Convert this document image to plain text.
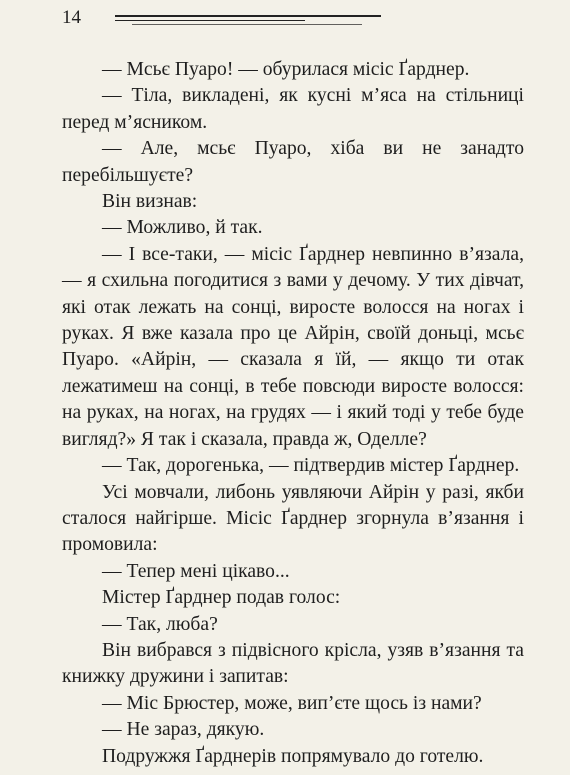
14

— Мсьє Пуаро! — обурилася місіс Ґарднер.

— Тіла, викладені, як кусні м’яса на стільниці перед м’ясником.

— Але, мсьє Пуаро, хіба ви не занадто перебільшуєте?

Він визнав:

— Можливо, й так.

— І все-таки, — місіс Ґарднер невпинно в’язала, — я схильна погодитися з вами у дечому. У тих дівчат, які отак лежать на сонці, виросте волосся на ногах і руках. Я вже казала про це Айрін, своїй доньці, мсьє Пуаро. «Айрін, — сказала я їй, — якщо ти отак лежатимеш на сонці, в тебе повсюди виросте волосся: на руках, на ногах, на грудях — і який тоді у тебе буде вигляд?» Я так і сказала, правда ж, Оделле?

— Так, дорогенька, — підтвердив містер Ґарднер.

Усі мовчали, либонь уявляючи Айрін у разі, якби сталося найгірше. Місіс Ґарднер згорнула в’язання і промовила:

— Тепер мені цікаво...

Містер Ґарднер подав голос:

— Так, люба?

Він вибрався з підвісного крісла, узяв в’язання та книжку дружини і запитав:

— Міс Брюстер, може, вип’єте щось із нами?

— Не зараз, дякую.

Подружжя Ґарднерів попрямувало до готелю.
